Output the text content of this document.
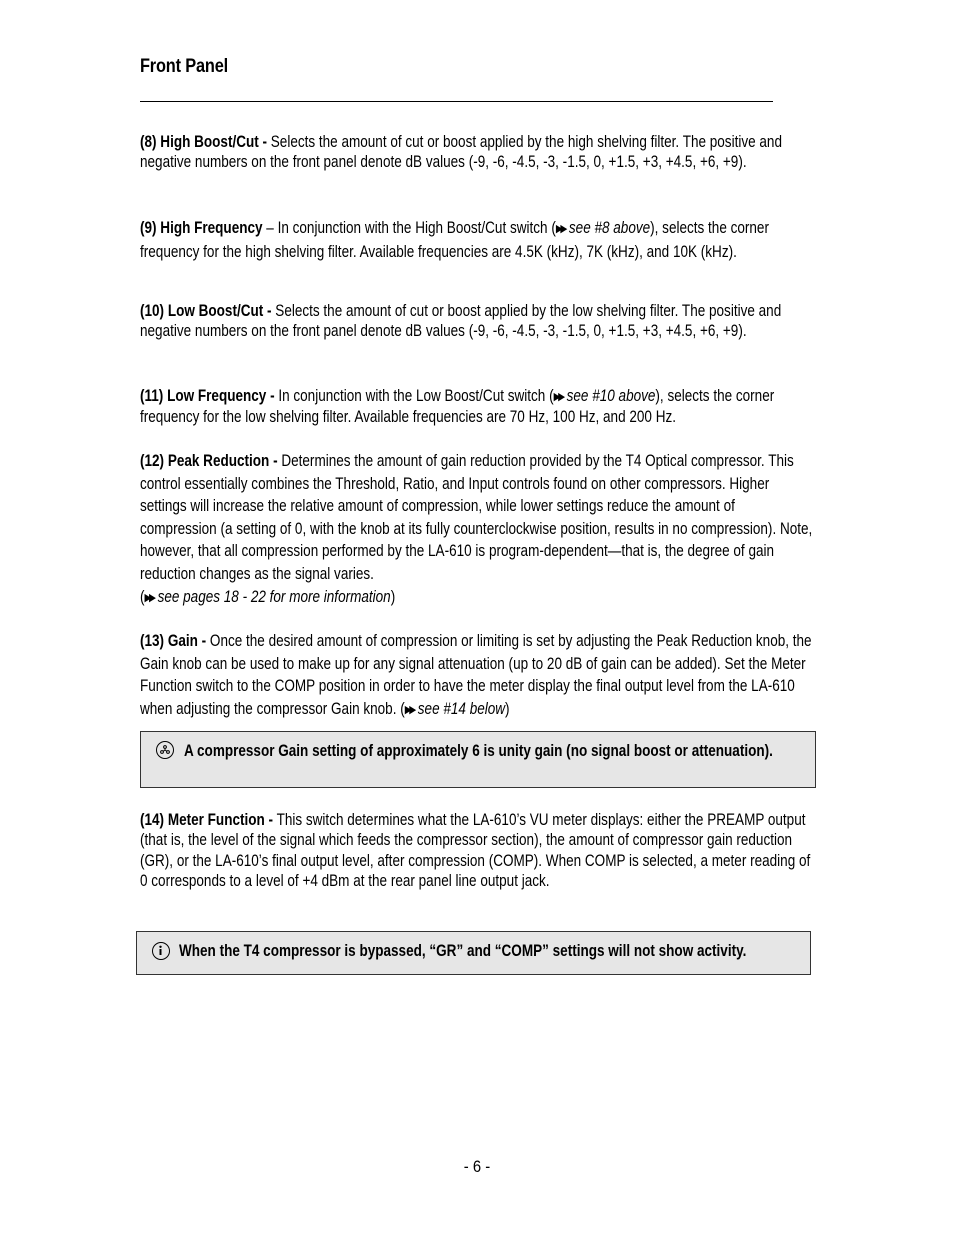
Front Panel

(8) High Boost/Cut - Selects the amount of cut or boost applied by the high shelving filter. The positive and negative numbers on the front panel denote dB values (-9, -6, -4.5, -3, -1.5, 0, +1.5, +3, +4.5, +6, +9).

(9) High Frequency – In conjunction with the High Boost/Cut switch (▶▶ see #8 above), selects the corner frequency for the high shelving filter. Available frequencies are 4.5K (kHz), 7K (kHz), and 10K (kHz).

(10) Low Boost/Cut - Selects the amount of cut or boost applied by the low shelving filter. The positive and negative numbers on the front panel denote dB values (-9, -6, -4.5, -3, -1.5, 0, +1.5, +3, +4.5, +6, +9).

(11) Low Frequency - In conjunction with the Low Boost/Cut switch (▶▶ see #10 above), selects the corner frequency for the low shelving filter. Available frequencies are 70 Hz, 100 Hz, and 200 Hz.

(12) Peak Reduction - Determines the amount of gain reduction provided by the T4 Optical compressor. This control essentially combines the Threshold, Ratio, and Input controls found on other compressors. Higher settings will increase the relative amount of compression, while lower settings reduce the amount of compression (a setting of 0, with the knob at its fully counterclockwise position, results in no compression). Note, however, that all compression performed by the LA-610 is program-dependent—that is, the degree of gain reduction changes as the signal varies.
(▶▶ see pages 18 - 22 for more information)

(13) Gain - Once the desired amount of compression or limiting is set by adjusting the Peak Reduction knob, the Gain knob can be used to make up for any signal attenuation (up to 20 dB of gain can be added). Set the Meter Function switch to the COMP position in order to have the meter display the final output level from the LA-610 when adjusting the compressor Gain knob. (▶▶ see #14 below)

A compressor Gain setting of approximately 6 is unity gain (no signal boost or attenuation).

(14) Meter Function - This switch determines what the LA-610’s VU meter displays: either the PREAMP output (that is, the level of the signal which feeds the compressor section), the amount of compressor gain reduction (GR), or the LA-610’s final output level, after compression (COMP). When COMP is selected, a meter reading of 0 corresponds to a level of +4 dBm at the rear panel line output jack.

When the T4 compressor is bypassed, “GR” and “COMP” settings will not show activity.
- 6 -
